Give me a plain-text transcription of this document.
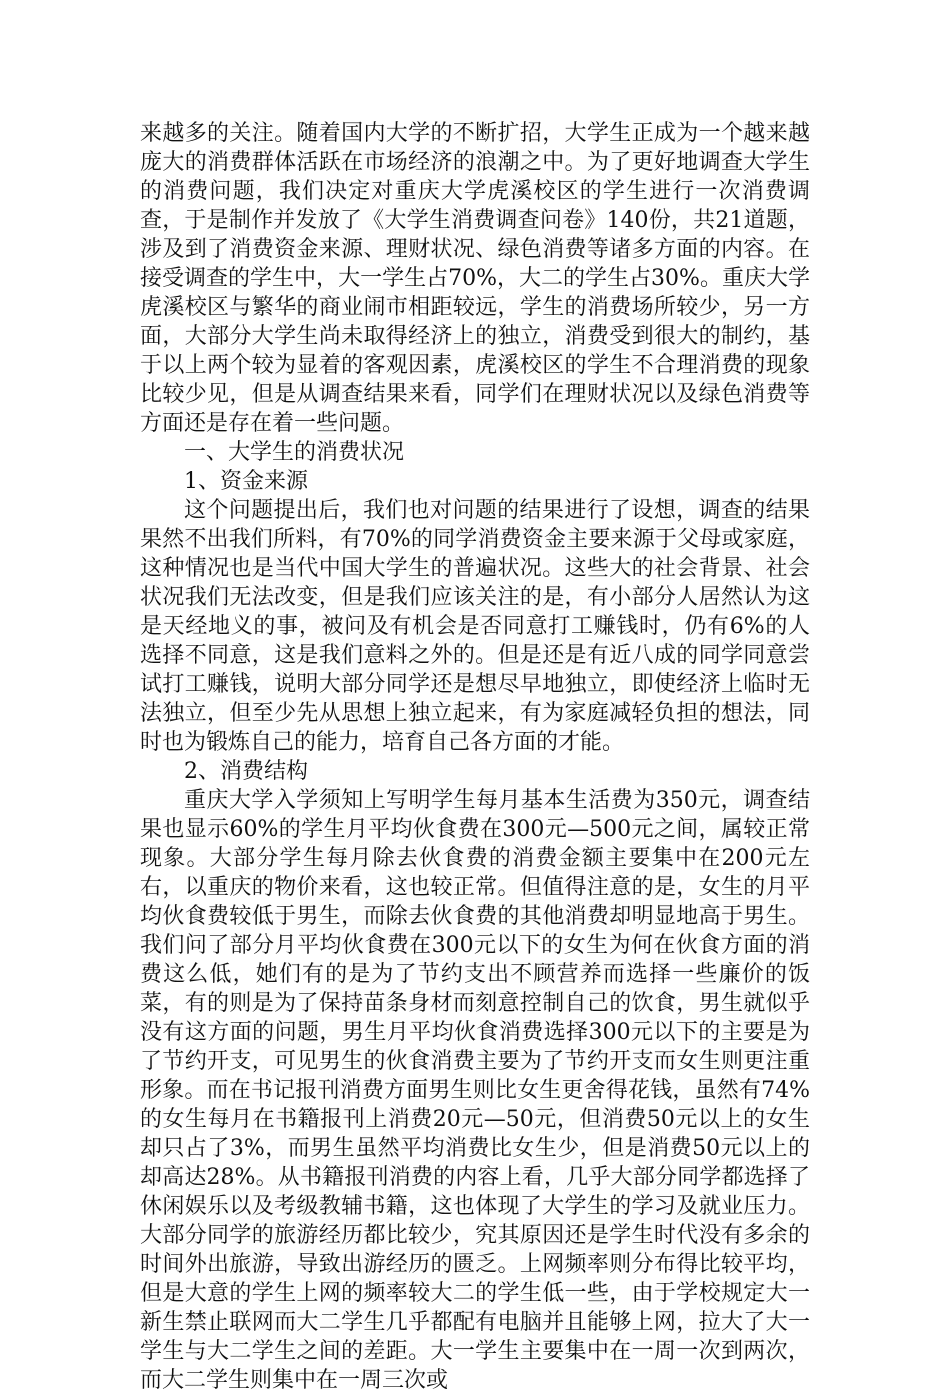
来越多的关注。随着国内大学的不断扩招，大学生正成为一个越来越庞大的消费群体活跃在市场经济的浪潮之中。为了更好地调查大学生的消费问题，我们决定对重庆大学虎溪校区的学生进行一次消费调查，于是制作并发放了《大学生消费调查问卷》140份，共21道题，涉及到了消费资金来源、理财状况、绿色消费等诸多方面的内容。在接受调查的学生中，大一学生占70%，大二的学生占30%。重庆大学虎溪校区与繁华的商业闹市相距较远，学生的消费场所较少，另一方面，大部分大学生尚未取得经济上的独立，消费受到很大的制约，基于以上两个较为显着的客观因素，虎溪校区的学生不合理消费的现象比较少见，但是从调查结果来看，同学们在理财状况以及绿色消费等方面还是存在着一些问题。

一、大学生的消费状况

1、资金来源

这个问题提出后，我们也对问题的结果进行了设想，调查的结果果然不出我们所料，有70%的同学消费资金主要来源于父母或家庭，这种情况也是当代中国大学生的普遍状况。这些大的社会背景、社会状况我们无法改变，但是我们应该关注的是，有小部分人居然认为这是天经地义的事，被问及有机会是否同意打工赚钱时，仍有6%的人选择不同意，这是我们意料之外的。但是还是有近八成的同学同意尝试打工赚钱，说明大部分同学还是想尽早地独立，即使经济上临时无法独立，但至少先从思想上独立起来，有为家庭减轻负担的想法，同时也为锻炼自己的能力，培育自己各方面的才能。

2、消费结构

重庆大学入学须知上写明学生每月基本生活费为350元，调查结果也显示60%的学生月平均伙食费在300元—500元之间，属较正常现象。大部分学生每月除去伙食费的消费金额主要集中在200元左右，以重庆的物价来看，这也较正常。但值得注意的是，女生的月平均伙食费较低于男生，而除去伙食费的其他消费却明显地高于男生。我们问了部分月平均伙食费在300元以下的女生为何在伙食方面的消费这么低，她们有的是为了节约支出不顾营养而选择一些廉价的饭菜，有的则是为了保持苗条身材而刻意控制自己的饮食，男生就似乎没有这方面的问题，男生月平均伙食消费选择300元以下的主要是为了节约开支，可见男生的伙食消费主要为了节约开支而女生则更注重形象。而在书记报刊消费方面男生则比女生更舍得花钱，虽然有74%的女生每月在书籍报刊上消费20元—50元，但消费50元以上的女生却只占了3%，而男生虽然平均消费比女生少，但是消费50元以上的却高达28%。从书籍报刊消费的内容上看，几乎大部分同学都选择了休闲娱乐以及考级教辅书籍，这也体现了大学生的学习及就业压力。大部分同学的旅游经历都比较少，究其原因还是学生时代没有多余的时间外出旅游，导致出游经历的匮乏。上网频率则分布得比较平均，但是大意的学生上网的频率较大二的学生低一些，由于学校规定大一新生禁止联网而大二学生几乎都配有电脑并且能够上网，拉大了大一学生与大二学生之间的差距。大一学生主要集中在一周一次到两次，而大二学生则集中在一周三次或
